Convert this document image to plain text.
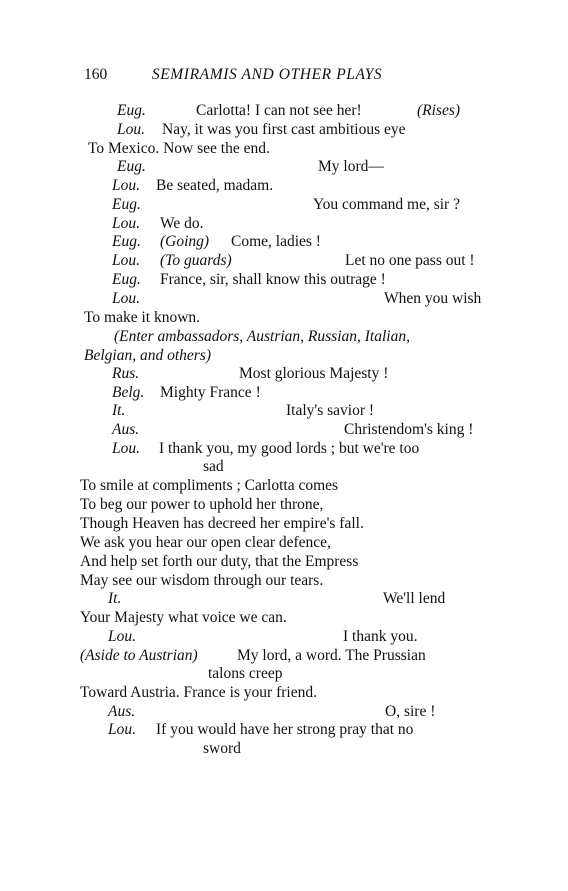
160	SEMIRAMIS AND OTHER PLAYS
Eug.	Carlotta! I can not see her!	(Rises)
Lou. Nay, it was you first cast ambitious eye
To Mexico. Now see the end.
Eug.	My lord—
Lou. Be seated, madam.
Eug.	You command me, sir ?
Lou. We do.
Eug. (Going) Come, ladies !
Lou. (To guards)	Let no one pass out !
Eug. France, sir, shall know this outrage !
Lou.	When you wish
To make it known.
(Enter ambassadors, Austrian, Russian, Italian,
Belgian, and others)
Rus.	Most glorious Majesty !
Belg. Mighty France !
It.	Italy's savior !
Aus.	Christendom's king !
Lou. I thank you, my good lords ; but we're too
sad
To smile at compliments ; Carlotta comes
To beg our power to uphold her throne,
Though Heaven has decreed her empire's fall.
We ask you hear our open clear defence,
And help set forth our duty, that the Empress
May see our wisdom through our tears.
It.	We'll lend
Your Majesty what voice we can.
Lou.	I thank you.
(Aside to Austrian)	My lord, a word. The Prussian
talons creep
Toward Austria. France is your friend.
Aus.	O, sire !
Lou. If you would have her strong pray that no
sword
